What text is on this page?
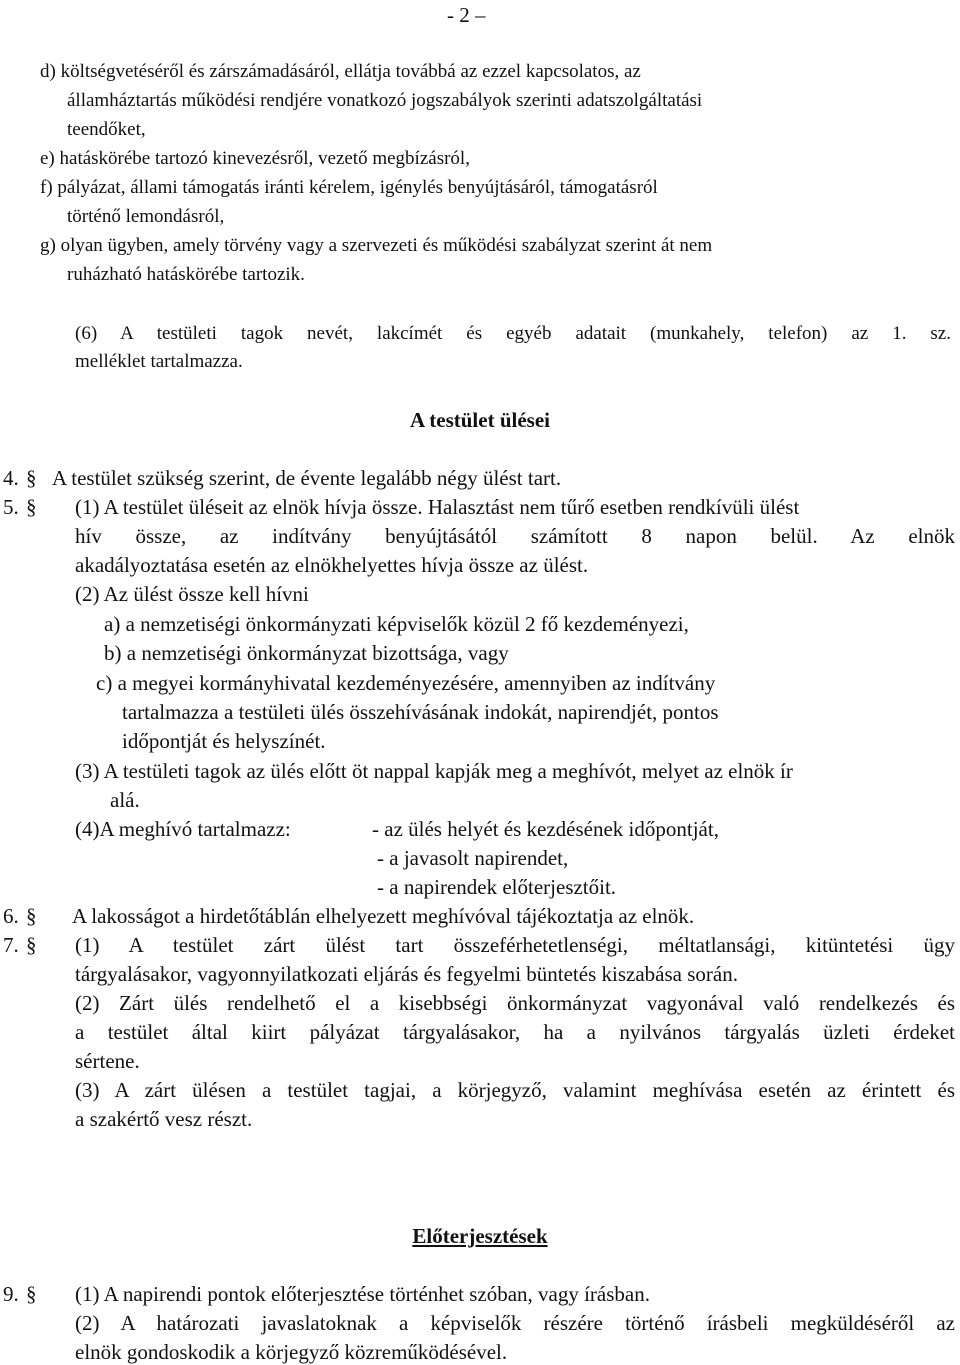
- 2 –
d) költségvetéséről és zárszámadásáról, ellátja továbbá az ezzel kapcsolatos, az
államháztartás működési rendjére vonatkozó jogszabályok szerinti adatszolgáltatási
teendőket,
e) hatáskörébe tartozó kinevezésről, vezető megbízásról,
f) pályázat, állami támogatás iránti kérelem, igénylés benyújtásáról, támogatásról
történő lemondásról,
g) olyan ügyben, amely törvény vagy a szervezeti és működési szabályzat szerint át nem
ruházható hatáskörébe tartozik.
(6) A testületi tagok nevét, lakcímét és egyéb adatait (munkahely, telefon) az 1. sz.
melléklet tartalmazza.
A testület ülései
4. § A testület szükség szerint, de évente legalább négy ülést tart.
5. § (1) A testület üléseit az elnök hívja össze. Halasztást nem tűrő esetben rendkívüli ülést
hív össze, az indítvány benyújtásától számított 8 napon belül. Az elnök
akadályoztatása esetén az elnökhelyettes hívja össze az ülést.
(2) Az ülést össze kell hívni
a) a nemzetiségi önkormányzati képviselők közül 2 fő kezdeményezi,
b) a nemzetiségi önkormányzat bizottsága, vagy
c) a megyei kormányhivatal kezdeményezésére, amennyiben az indítvány
tartalmazza a testületi ülés összehívásának indokát, napirendjét, pontos
időpontját és helyszínét.
(3) A testületi tagok az ülés előtt öt nappal kapják meg a meghívót, melyet az elnök ír
alá.
(4)A meghívó tartalmazz:	- az ülés helyét és kezdésének időpontját,
- a javasolt napirendet,
- a napirendek előterjesztőit.
6. § A lakosságot a hirdetőtáblán elhelyezett meghívóval tájékoztatja az elnök.
7. § (1) A testület zárt ülést tart összeférhetetlenségi, méltatlansági, kitüntetési ügy
tárgyalásakor, vagyonnyilatkozati eljárás és fegyelmi büntetés kiszabása során.
(2) Zárt ülés rendelhető el a kisebbségi önkormányzat vagyonával való rendelkezés és
a testület által kiirt pályázat tárgyalásakor, ha a nyilvános tárgyalás üzleti érdeket
sértene.
(3) A zárt ülésen a testület tagjai, a körjegyző, valamint meghívása esetén az érintett és
a szakértő vesz részt.
Előterjesztések
9. § (1) A napirendi pontok előterjesztése történhet szóban, vagy írásban.
(2) A határozati javaslatoknak a képviselők részére történő írásbeli megküldéséről az
elnök gondoskodik a körjegyző közreműködésével.
